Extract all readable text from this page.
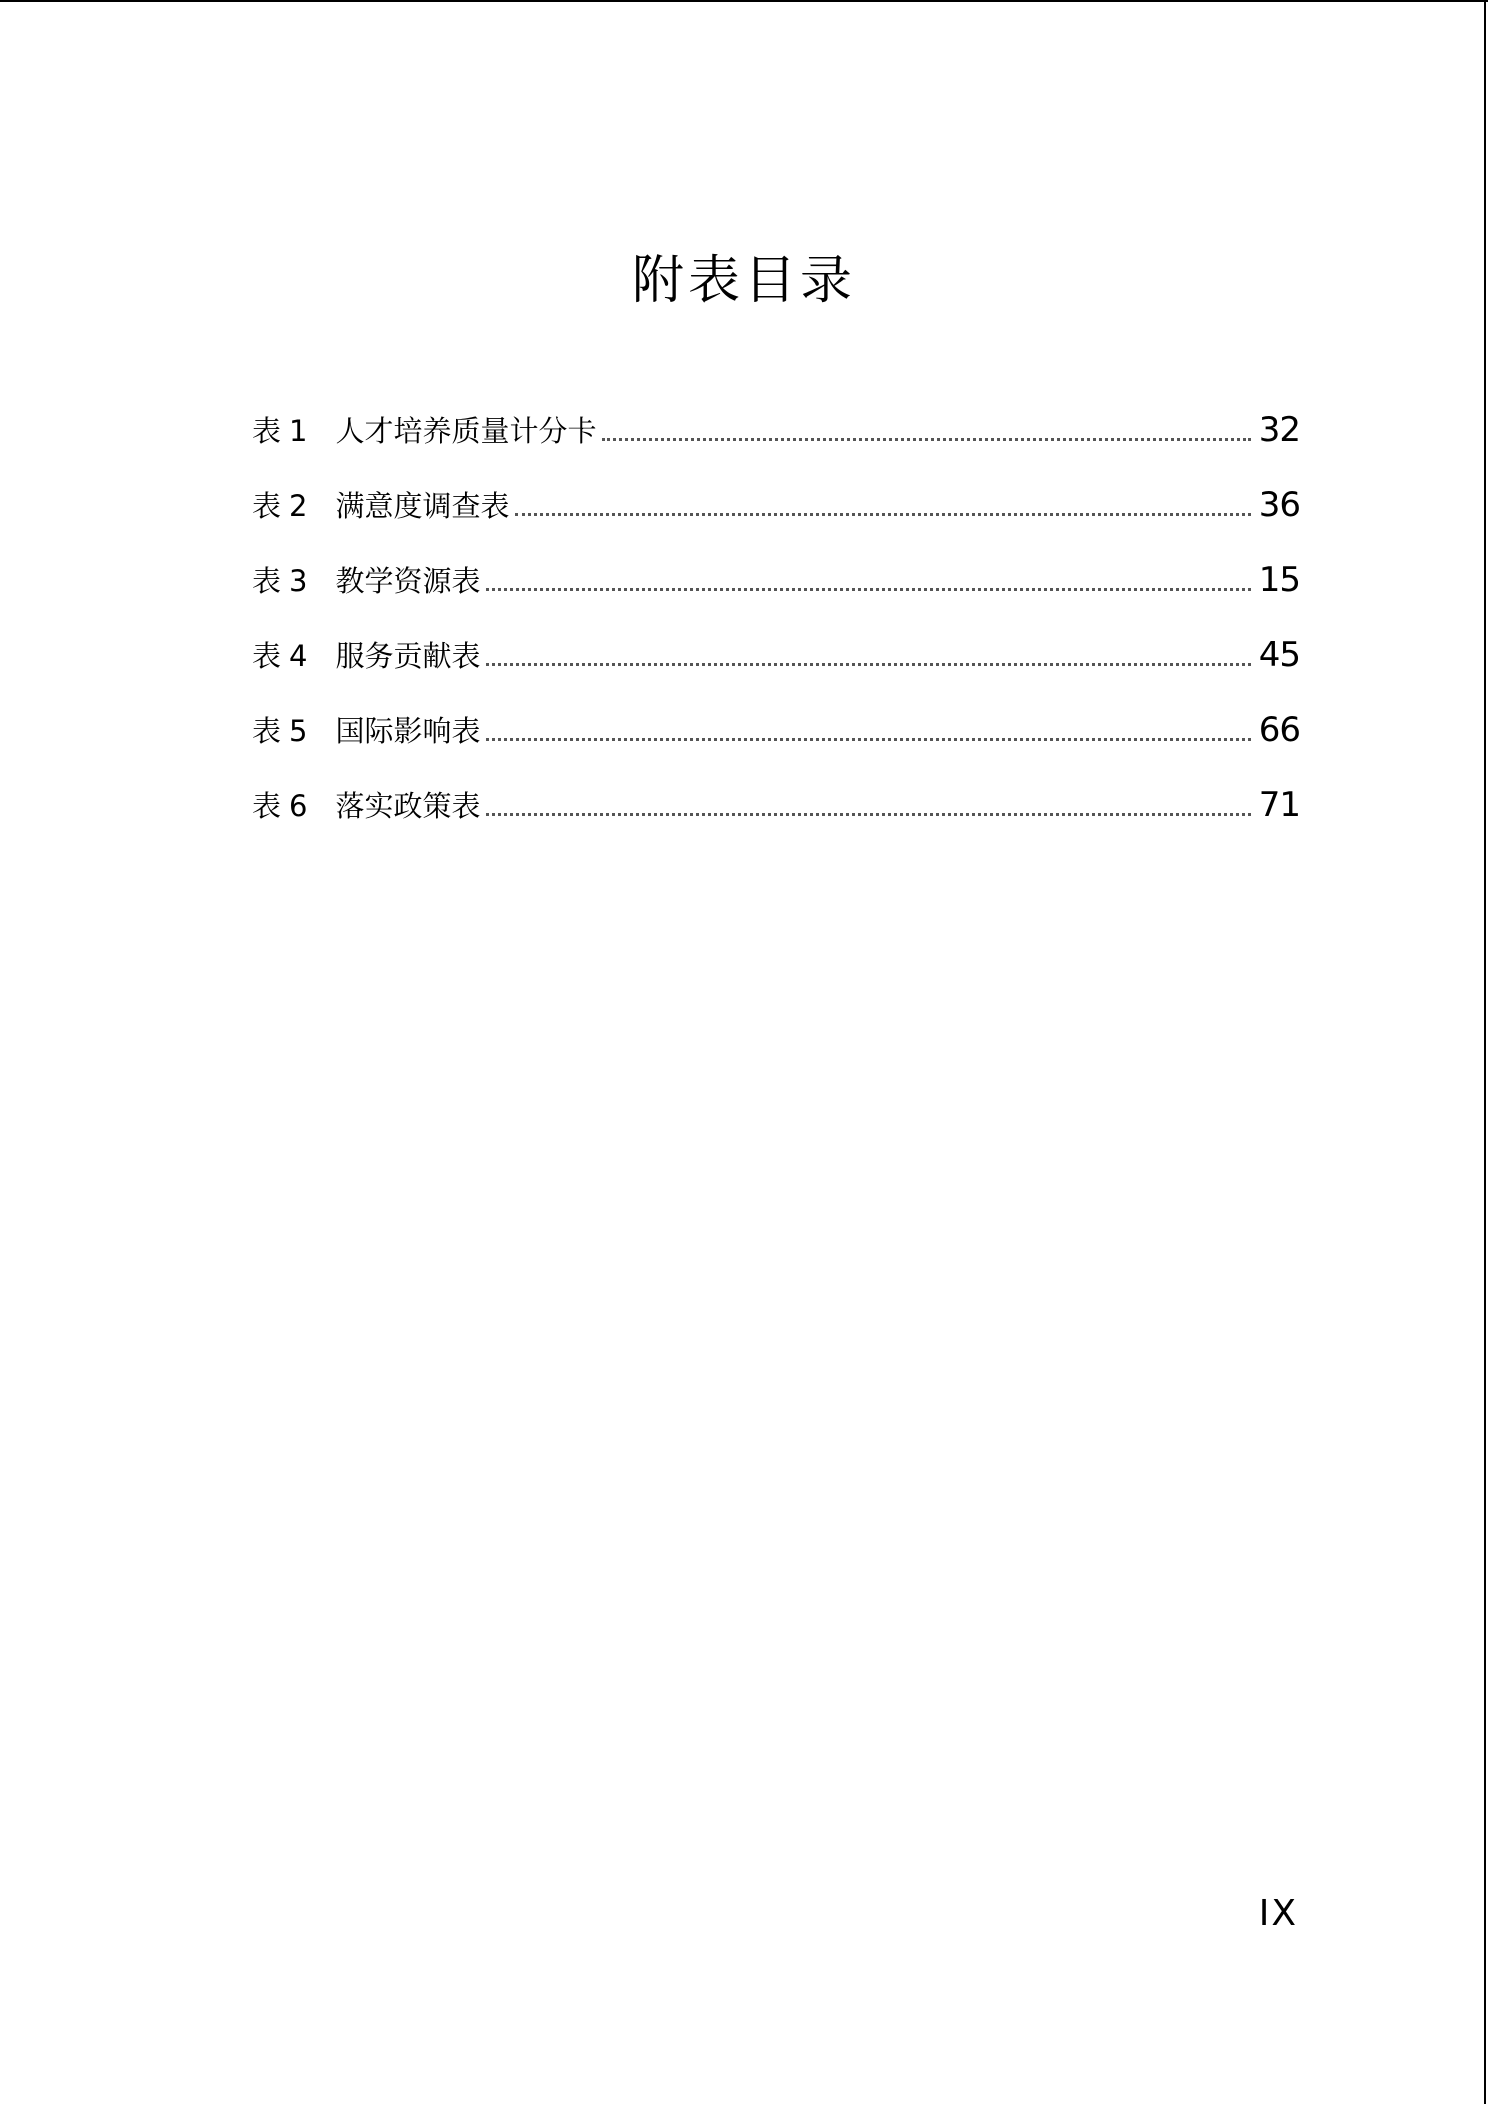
附表目录
表 1 人才培养质量计分卡	32
表 2 满意度调查表	36
表 3 教学资源表	15
表 4 服务贡献表	45
表 5 国际影响表	66
表 6 落实政策表	71
IX
